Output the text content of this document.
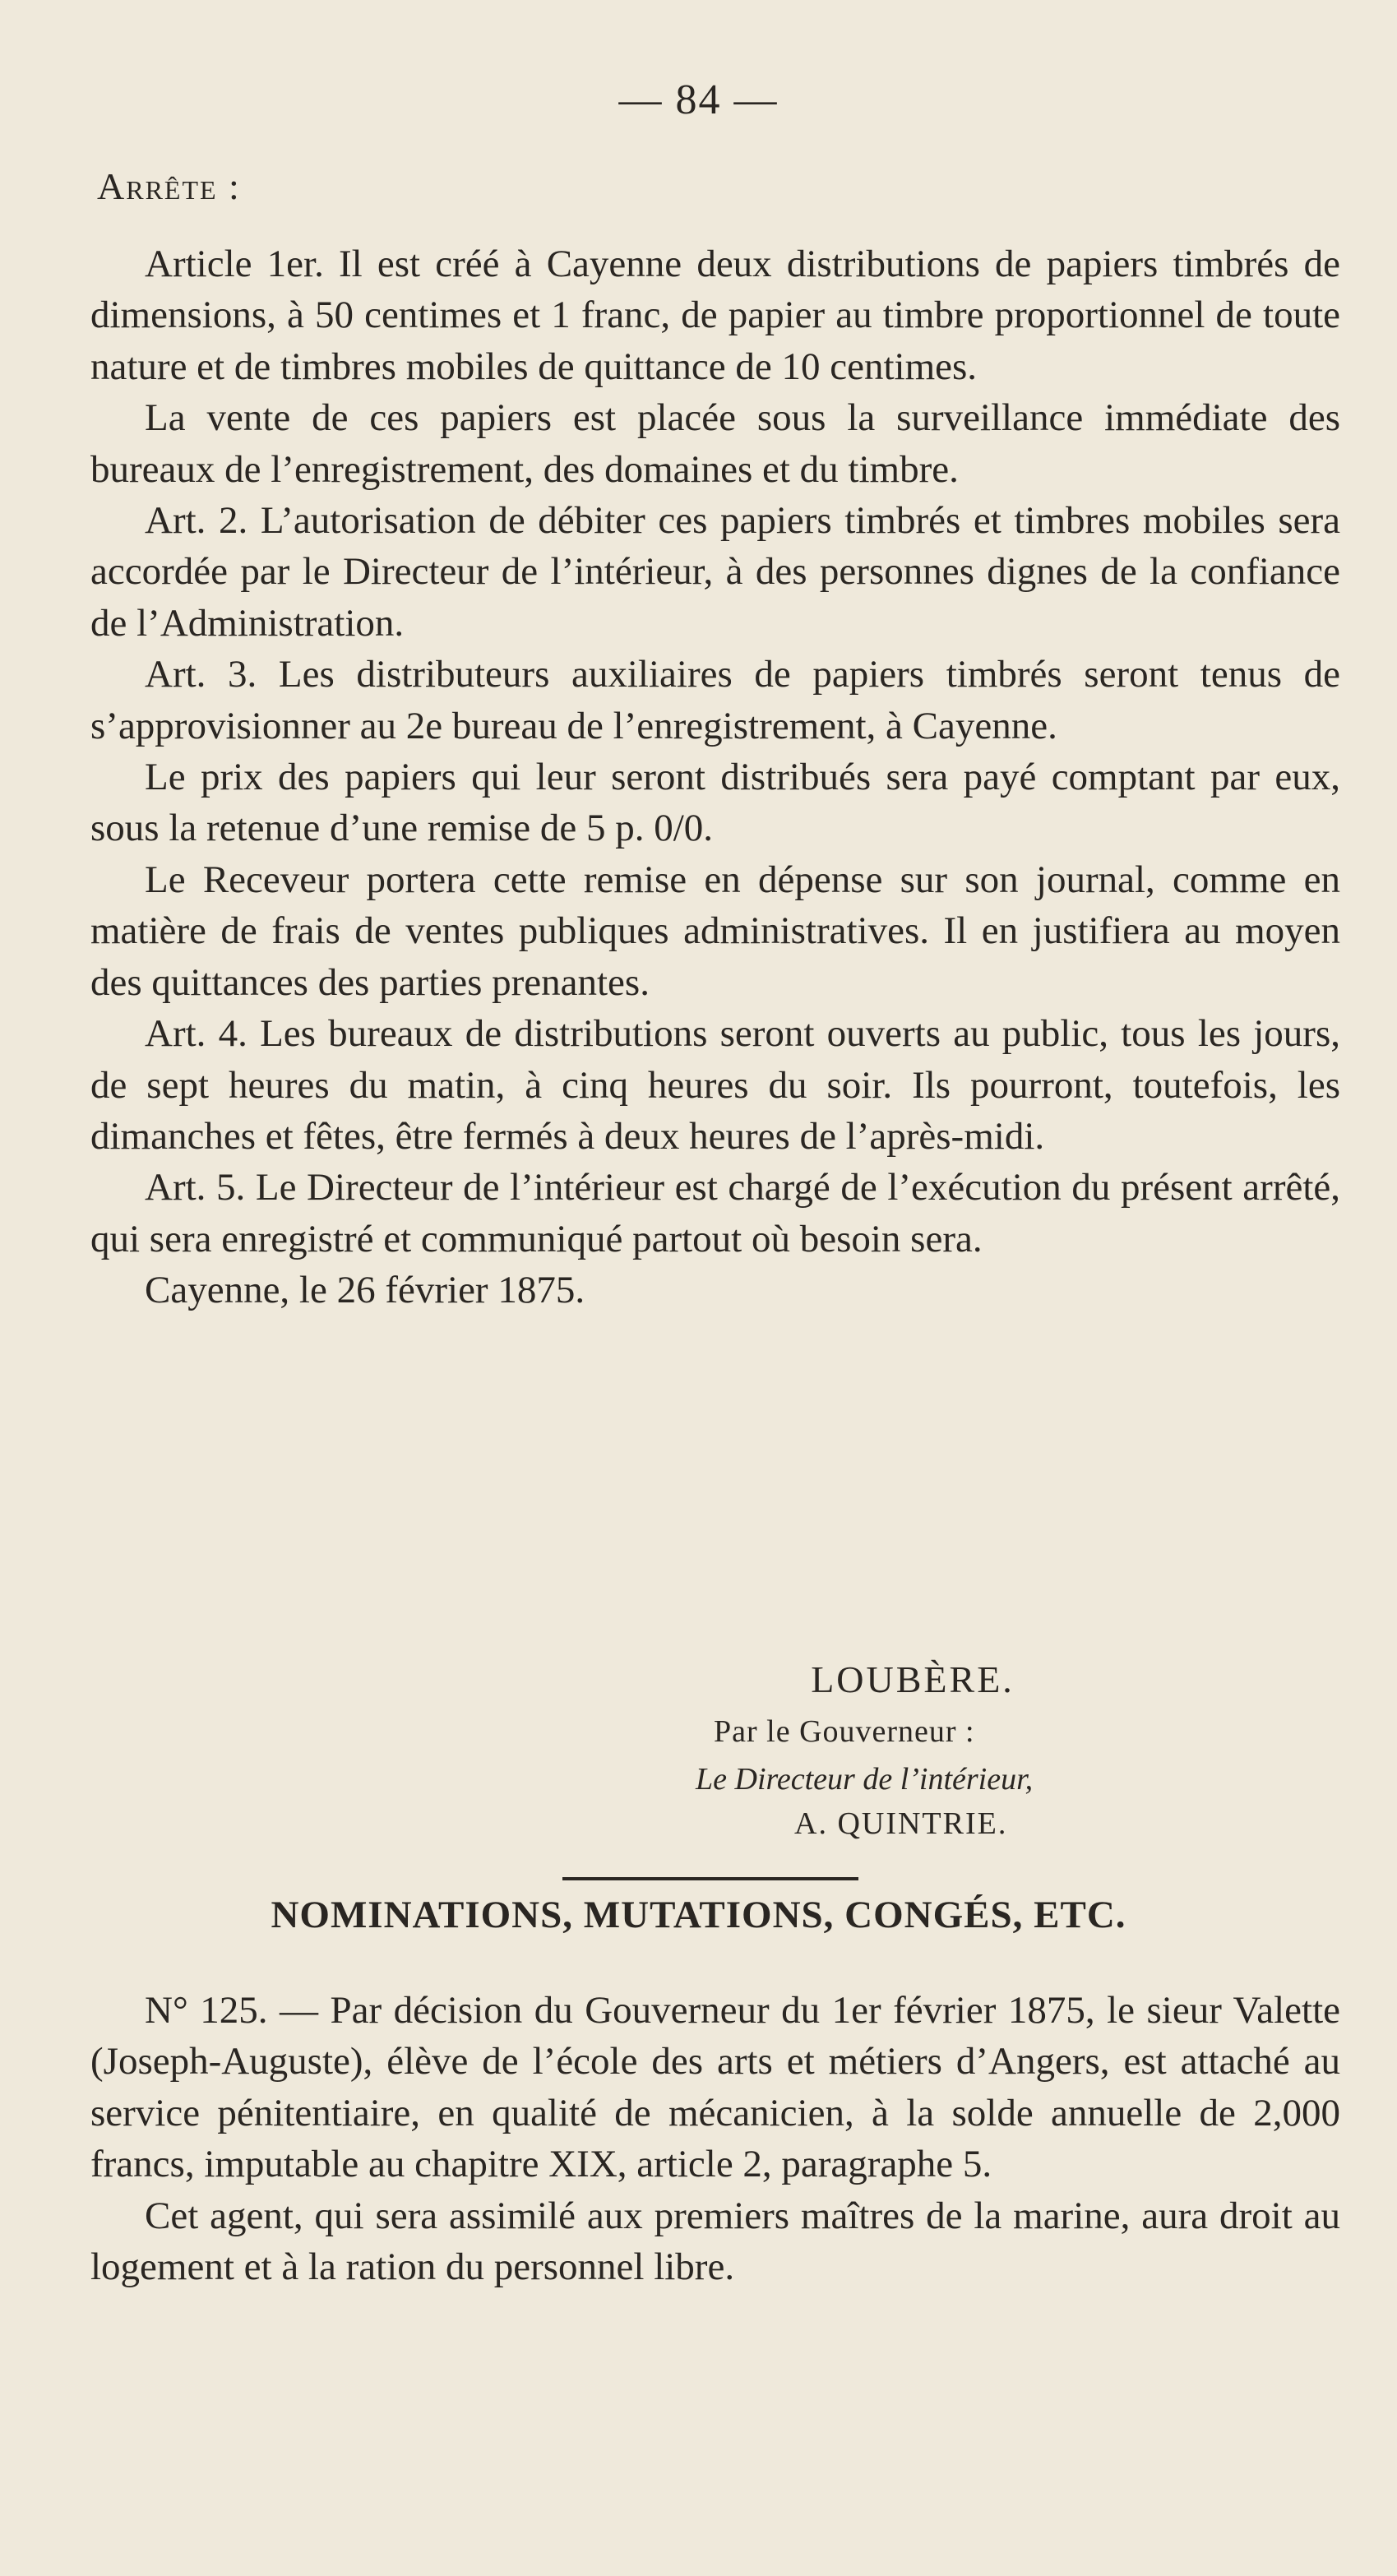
— 84 —
Arrête :

Article 1er. Il est créé à Cayenne deux distributions de papiers timbrés de dimensions, à 50 centimes et 1 franc, de papier au timbre proportionnel de toute nature et de timbres mobiles de quittance de 10 centimes.

La vente de ces papiers est placée sous la surveillance immédiate des bureaux de l’enregistrement, des domaines et du timbre.

Art. 2. L’autorisation de débiter ces papiers timbrés et timbres mobiles sera accordée par le Directeur de l’intérieur, à des personnes dignes de la confiance de l’Administration.

Art. 3. Les distributeurs auxiliaires de papiers timbrés seront tenus de s’approvisionner au 2e bureau de l’enregistrement, à Cayenne.

Le prix des papiers qui leur seront distribués sera payé comptant par eux, sous la retenue d’une remise de 5 p. 0/0.

Le Receveur portera cette remise en dépense sur son journal, comme en matière de frais de ventes publiques administratives. Il en justifiera au moyen des quittances des parties prenantes.

Art. 4. Les bureaux de distributions seront ouverts au public, tous les jours, de sept heures du matin, à cinq heures du soir. Ils pourront, toutefois, les dimanches et fêtes, être fermés à deux heures de l’après-midi.

Art. 5. Le Directeur de l’intérieur est chargé de l’exécution du présent arrêté, qui sera enregistré et communiqué partout où besoin sera.

Cayenne, le 26 février 1875.

LOUBÈRE.
Par le Gouverneur :
Le Directeur de l’intérieur,
A. QUINTRIE.
NOMINATIONS, MUTATIONS, CONGÉS, ETC.

N° 125. — Par décision du Gouverneur du 1er février 1875, le sieur Valette (Joseph-Auguste), élève de l’école des arts et métiers d’Angers, est attaché au service pénitentiaire, en qualité de mécanicien, à la solde annuelle de 2,000 francs, imputable au chapitre XIX, article 2, paragraphe 5.

Cet agent, qui sera assimilé aux premiers maîtres de la marine, aura droit au logement et à la ration du personnel libre.
